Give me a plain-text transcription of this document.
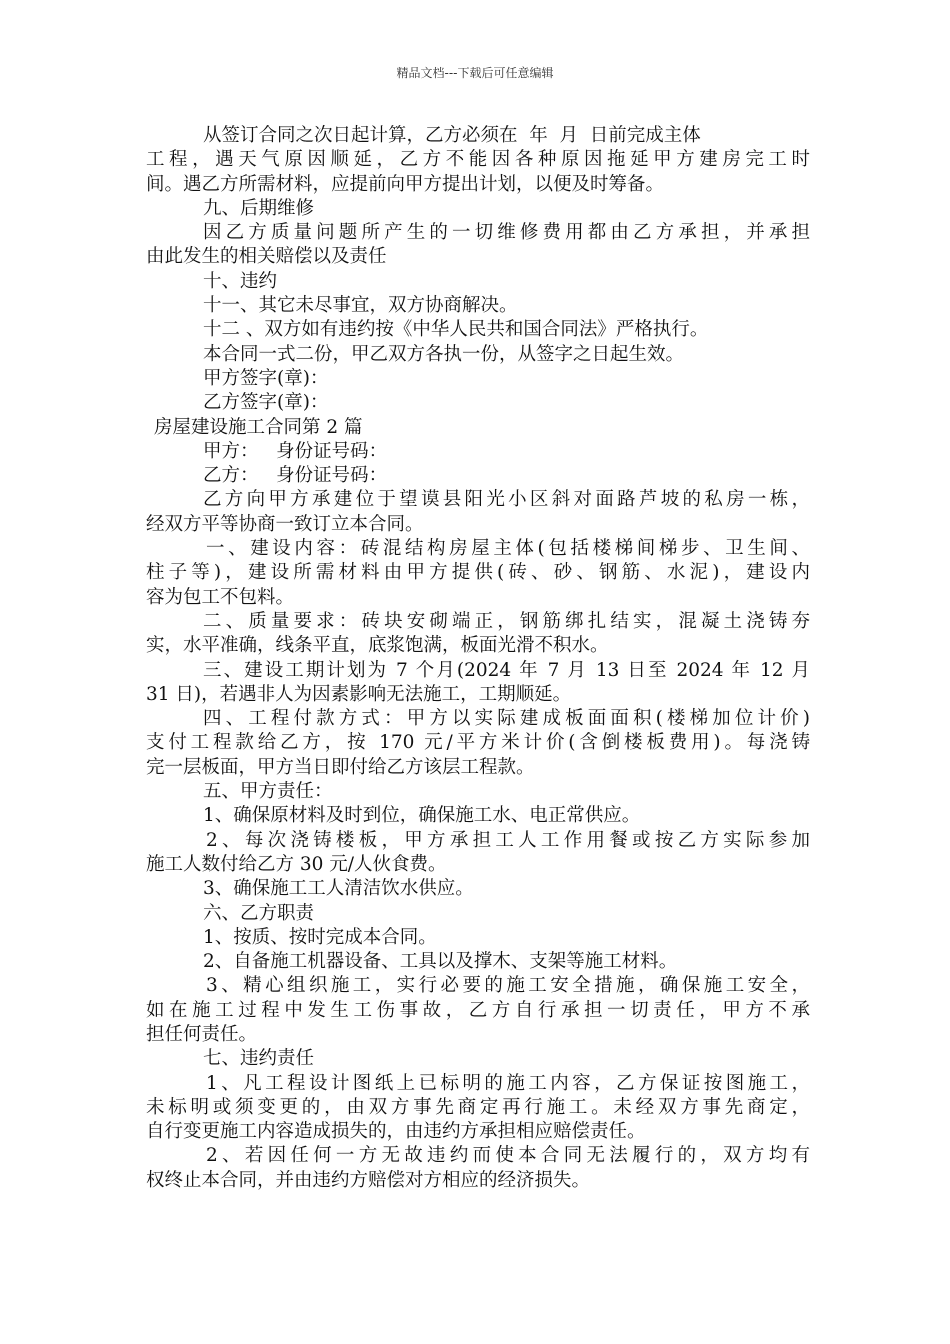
精品文档---下载后可任意编辑
从签订合同之次日起计算，乙方必须在  年  月  日前完成主体
工程，遇天气原因顺延，乙方不能因各种原因拖延甲方建房完工时
间。遇乙方所需材料，应提前向甲方提出计划，以便及时筹备。
九、后期维修
因乙方质量问题所产生的一切维修费用都由乙方承担，并承担
由此发生的相关赔偿以及责任
十、违约
十一、其它未尽事宜，双方协商解决。
十二 、双方如有违约按《中华人民共和国合同法》严格执行。
本合同一式二份，甲乙双方各执一份，从签字之日起生效。
甲方签字(章)：
乙方签字(章)：
房屋建设施工合同第 2 篇
甲方：   身份证号码：
乙方：   身份证号码：
乙方向甲方承建位于望谟县阳光小区斜对面路芦坡的私房一栋，
经双方平等协商一致订立本合同。
一、建设内容：砖混结构房屋主体(包括楼梯间梯步、卫生间、
柱子等)，建设所需材料由甲方提供(砖、砂、钢筋、水泥)，建设内
容为包工不包料。
二、质量要求：砖块安砌端正，钢筋绑扎结实，混凝土浇铸夯
实，水平准确，线条平直，底浆饱满，板面光滑不积水。
三、建设工期计划为 7 个月(2024 年 7 月 13 日至 2024 年 12 月
31 日)，若遇非人为因素影响无法施工，工期顺延。
四、工程付款方式：甲方以实际建成板面面积(楼梯加位计价)
支付工程款给乙方，按 170 元/平方米计价(含倒楼板费用)。每浇铸
完一层板面，甲方当日即付给乙方该层工程款。
五、甲方责任：
1、确保原材料及时到位，确保施工水、电正常供应。
2、每次浇铸楼板，甲方承担工人工作用餐或按乙方实际参加
施工人数付给乙方 30 元/人伙食费。
3、确保施工工人清洁饮水供应。
六、乙方职责
1、按质、按时完成本合同。
2、自备施工机器设备、工具以及撑木、支架等施工材料。
3、精心组织施工，实行必要的施工安全措施，确保施工安全，
如在施工过程中发生工伤事故，乙方自行承担一切责任，甲方不承
担任何责任。
七、违约责任
1、凡工程设计图纸上已标明的施工内容，乙方保证按图施工，
未标明或须变更的，由双方事先商定再行施工。未经双方事先商定，
自行变更施工内容造成损失的，由违约方承担相应赔偿责任。
2、若因任何一方无故违约而使本合同无法履行的，双方均有
权终止本合同，并由违约方赔偿对方相应的经济损失。
